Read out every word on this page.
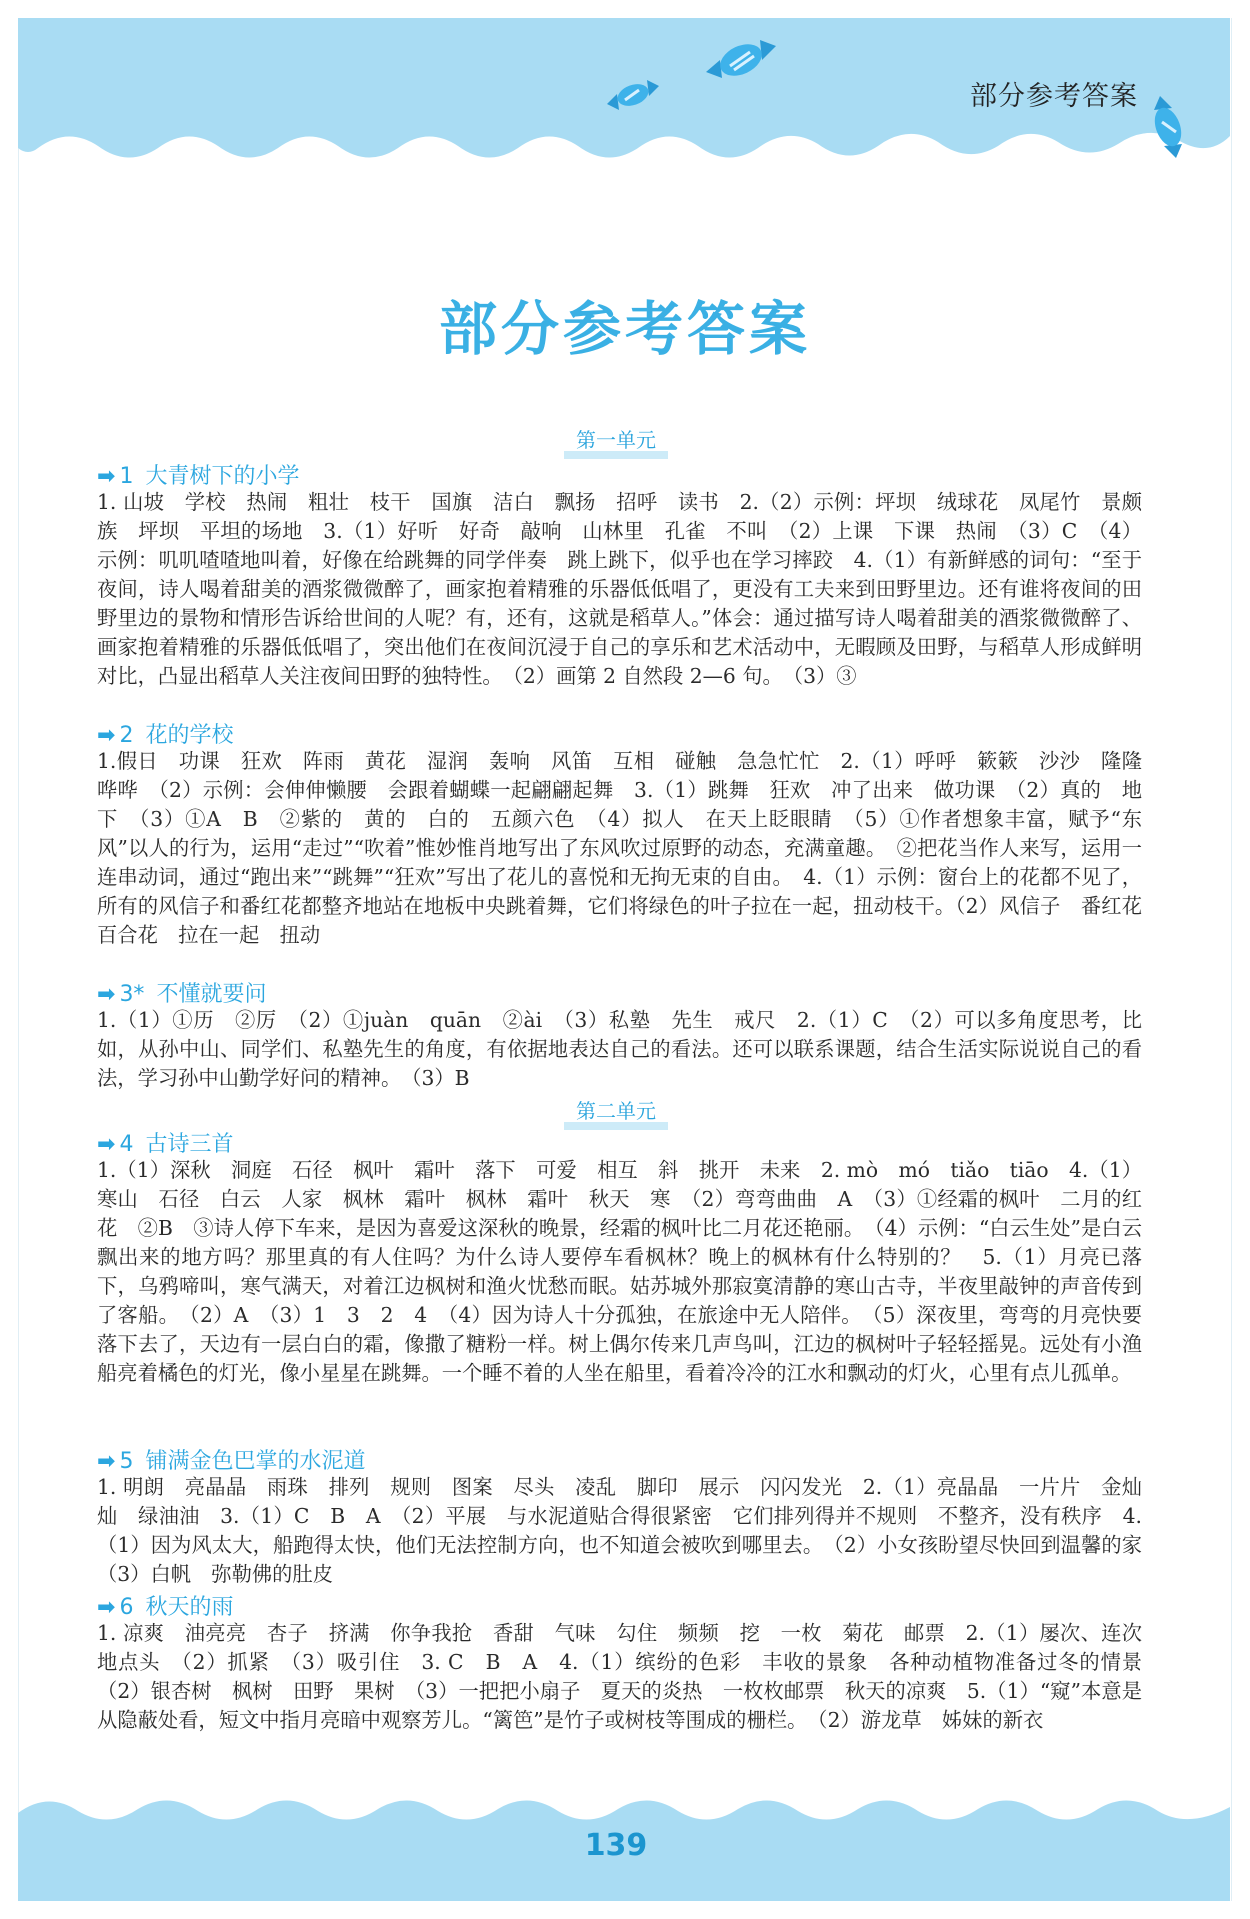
部分参考答案
部分参考答案
第一单元
➡ 1 大青树下的小学

1. 山坡　学校　热闹　粗壮　枝干　国旗　洁白　飘扬　招呼　读书　2.（2）示例：坪坝　绒球花　凤尾竹　景颇族　坪坝　平坦的场地　3.（1）好听　好奇　敲响　山林里　孔雀　不叫　（2）上课　下课　热闹　（3）C　（4）示例：叽叽喳喳地叫着，好像在给跳舞的同学伴奏　跳上跳下，似乎也在学习摔跤　4.（1）有新鲜感的词句：“至于夜间，诗人喝着甜美的酒浆微微醉了，画家抱着精雅的乐器低低唱了，更没有工夫来到田野里边。还有谁将夜间的田野里边的景物和情形告诉给世间的人呢？有，还有，这就是稻草人。”体会：通过描写诗人喝着甜美的酒浆微微醉了、画家抱着精雅的乐器低低唱了，突出他们在夜间沉浸于自己的享乐和艺术活动中，无暇顾及田野，与稻草人形成鲜明对比，凸显出稻草人关注夜间田野的独特性。　（2）画第 2 自然段 2—6 句。　（3）③

➡ 2 花的学校

1.假日　功课　狂欢　阵雨　黄花　湿润　轰响　风笛　互相　碰触　急急忙忙　2.（1）呼呼　簌簌　沙沙　隆隆　哗哗　（2）示例：会伸伸懒腰　会跟着蝴蝶一起翩翩起舞　3.（1）跳舞　狂欢　冲了出来　做功课　（2）真的　地下　（3）①A　B　②紫的　黄的　白的　五颜六色　（4）拟人　在天上眨眼睛　（5）①作者想象丰富，赋予“东风”以人的行为，运用“走过”“吹着”惟妙惟肖地写出了东风吹过原野的动态，充满童趣。　②把花当作人来写，运用一连串动词，通过“跑出来”“跳舞”“狂欢”写出了花儿的喜悦和无拘无束的自由。　4.（1）示例：窗台上的花都不见了，所有的风信子和番红花都整齐地站在地板中央跳着舞，它们将绿色的叶子拉在一起，扭动枝干。（2）风信子　番红花　百合花　拉在一起　扭动

➡ 3* 不懂就要问

1.（1）①历　②厉　（2）①juàn　quān　②ài　（3）私塾　先生　戒尺　2.（1）C　（2）可以多角度思考，比如，从孙中山、同学们、私塾先生的角度，有依据地表达自己的看法。还可以联系课题，结合生活实际说说自己的看法，学习孙中山勤学好问的精神。　（3）B

第二单元
➡ 4 古诗三首

1.（1）深秋　洞庭　石径　枫叶　霜叶　落下　可爱　相互　斜　挑开　未来　2. mò　mó　tiǎo　tiāo　4.（1）寒山　石径　白云　人家　枫林　霜叶　枫林　霜叶　秋天　寒　（2）弯弯曲曲　A　（3）①经霜的枫叶　二月的红花　②B　③诗人停下车来，是因为喜爱这深秋的晚景，经霜的枫叶比二月花还艳丽。　（4）示例：“白云生处”是白云飘出来的地方吗？那里真的有人住吗？为什么诗人要停车看枫林？晚上的枫林有什么特别的？　5.（1）月亮已落下，乌鸦啼叫，寒气满天，对着江边枫树和渔火忧愁而眠。姑苏城外那寂寞清静的寒山古寺，半夜里敲钟的声音传到了客船。　（2）A　（3）1　3　2　4　（4）因为诗人十分孤独，在旅途中无人陪伴。　（5）深夜里，弯弯的月亮快要落下去了，天边有一层白白的霜，像撒了糖粉一样。树上偶尔传来几声鸟叫，江边的枫树叶子轻轻摇晃。远处有小渔船亮着橘色的灯光，像小星星在跳舞。一个睡不着的人坐在船里，看着冷冷的江水和飘动的灯火，心里有点儿孤单。

➡ 5 铺满金色巴掌的水泥道

1. 明朗　亮晶晶　雨珠　排列　规则　图案　尽头　凌乱　脚印　展示　闪闪发光　2.（1）亮晶晶　一片片　金灿灿　绿油油　3.（1）C　B　A　（2）平展　与水泥道贴合得很紧密　它们排列得并不规则　不整齐，没有秩序　4.（1）因为风太大，船跑得太快，他们无法控制方向，也不知道会被吹到哪里去。　（2）小女孩盼望尽快回到温馨的家　（3）白帆　弥勒佛的肚皮

➡ 6 秋天的雨

1. 凉爽　油亮亮　杏子　挤满　你争我抢　香甜　气味　勾住　频频　挖　一枚　菊花　邮票　2.（1）屡次、连次地点头　（2）抓紧　（3）吸引住　3. C　B　A　4.（1）缤纷的色彩　丰收的景象　各种动植物准备过冬的情景　（2）银杏树　枫树　田野　果树　（3）一把把小扇子　夏天的炎热　一枚枚邮票　秋天的凉爽　5.（1）“窥”本意是从隐蔽处看，短文中指月亮暗中观察芳儿。“篱笆”是竹子或树枝等围成的栅栏。　（2）游龙草　姊妹的新衣

139
